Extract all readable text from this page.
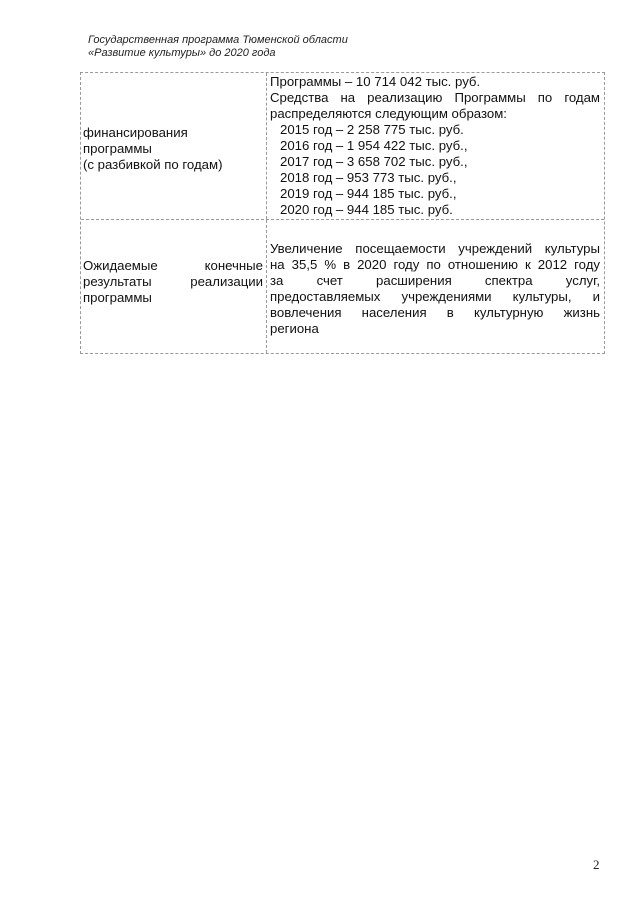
Государственная программа Тюменской области
«Развитие культуры» до 2020 года
финансирования
программы
(с разбивкой по годам)
Программы – 10 714 042 тыс. руб.
Средства на реализацию Программы по годам
распределяются следующим образом:
2015 год – 2 258 775 тыс. руб.
2016 год – 1 954 422 тыс. руб.,
2017 год – 3 658 702 тыс. руб.,
2018 год – 953 773 тыс. руб.,
2019 год – 944 185 тыс. руб.,
2020 год – 944 185 тыс. руб.
Ожидаемые конечные
результаты реализации
программы
Увеличение посещаемости учреждений культуры
на 35,5 % в 2020 году по отношению к 2012 году
за счет расширения спектра услуг,
предоставляемых учреждениями культуры, и
вовлечения населения в культурную жизнь
региона
2
